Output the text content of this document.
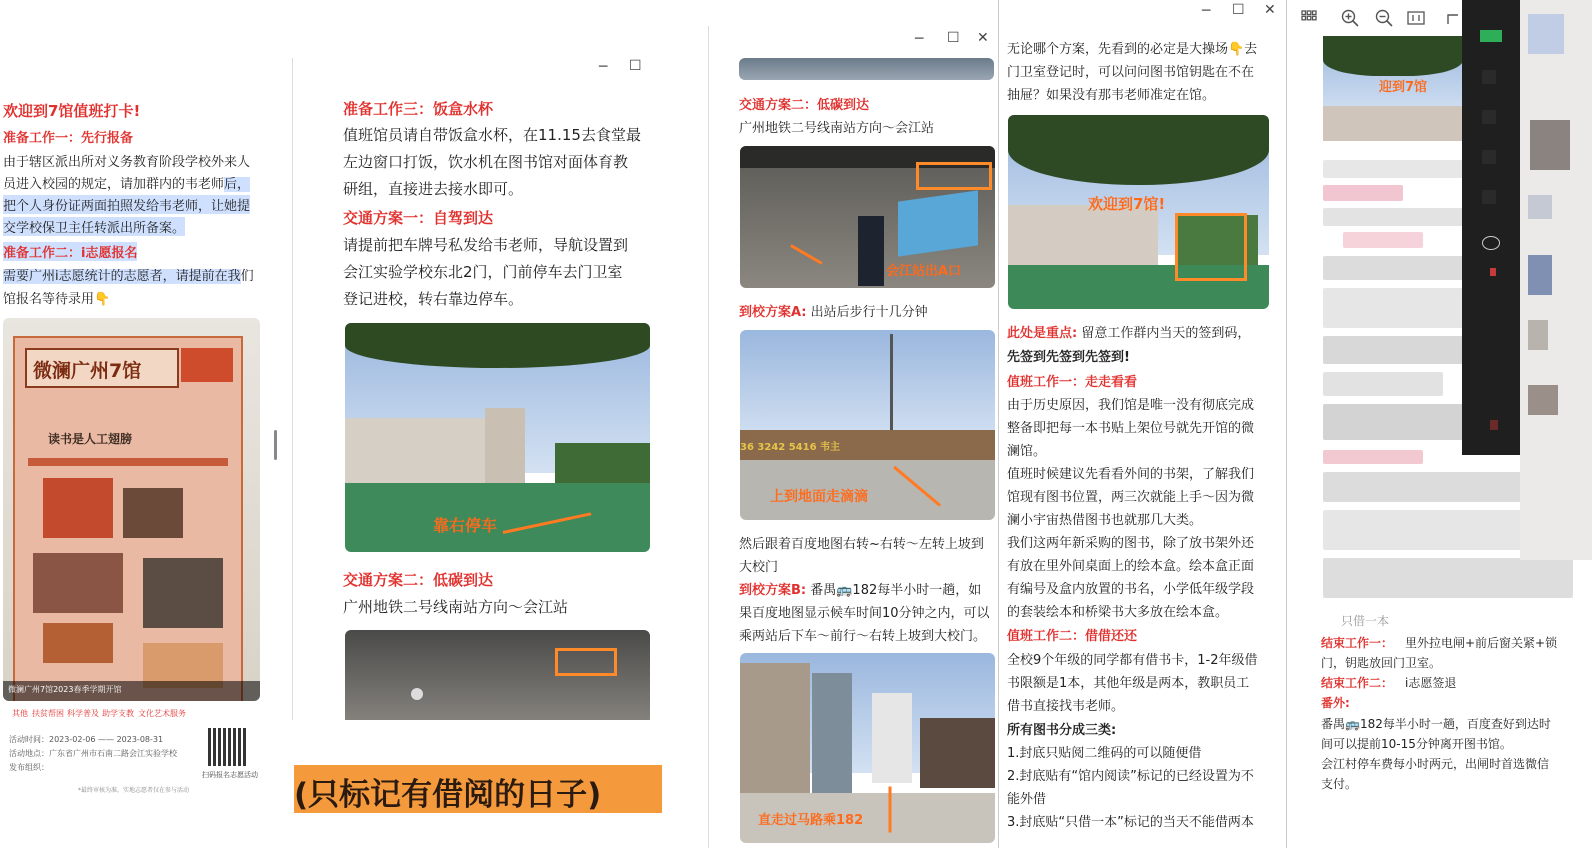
欢迎到7馆值班打卡!
准备工作一：先行报备
由于辖区派出所对义务教育阶段学校外来人
员进入校园的规定，请加群内的韦老师后，
把个人身份证两面拍照发给韦老师，让她提
交学校保卫主任转派出所备案。
准备工作二：i志愿报名
需要广州i志愿统计的志愿者，请提前在我们
馆报名等待录用👇
微澜广州7馆
读书是人工翅膀
微澜广州7馆2023春季学期开馆
其他 扶贫帮困 科学普及 助学支教 文化艺术服务
活动时间：2023-02-06 —— 2023-08-31
活动地点：广东省广州市石南二路会江实验学校
发布组织：
扫码报名志愿活动
*最终审核为准，实地志愿者仅在参与活动
─ ☐
准备工作三：饭盒水杯
值班馆员请自带饭盒水杯，在11.15去食堂最
左边窗口打饭，饮水机在图书馆对面体育教
研组，直接进去接水即可。
交通方案一：自驾到达
请提前把车牌号私发给韦老师，导航设置到
会江实验学校东北2门，门前停车去门卫室
登记进校，转右靠边停车。
靠右停车
交通方案二：低碳到达
广州地铁二号线南站方向～会江站
(只标记有借阅的日子)
─ ☐ ✕
交通方案二：低碳到达
广州地铁二号线南站方向～会江站
会江站出A口
到校方案A: 出站后步行十几分钟
36 3242 5416 韦主
上到地面走滴滴
然后跟着百度地图右转~右转～左转上坡到
大校门
到校方案B: 番禺🚌182每半小时一趟，如
果百度地图显示候车时间10分钟之内，可以
乘两站后下车～前行～右转上坡到大校门。
直走过马路乘182
─ ☐ ✕
无论哪个方案，先看到的必定是大操场👇去
门卫室登记时，可以问问图书馆钥匙在不在
抽屉？如果没有那韦老师准定在馆。
欢迎到7馆!
此处是重点: 留意工作群内当天的签到码，
先签到先签到先签到!
值班工作一：走走看看
由于历史原因，我们馆是唯一没有彻底完成
整备即把每一本书贴上架位号就先开馆的微
澜馆。
值班时候建议先看看外间的书架，了解我们
馆现有图书位置，两三次就能上手～因为微
澜小宇宙热借图书也就那几大类。
我们这两年新采购的图书，除了放书架外还
有放在里外间桌面上的绘本盒。绘本盒正面
有编号及盒内放置的书名，小学低年级学段
的套装绘本和桥梁书大多放在绘本盒。
值班工作二：借借还还
全校9个年级的同学都有借书卡，1-2年级借
书限额是1本，其他年级是两本，教职员工
借书直接找韦老师。
所有图书分成三类:
1.封底只贴阅二维码的可以随便借
2.封底贴有“馆内阅读”标记的已经设置为不
能外借
3.封底贴“只借一本”标记的当天不能借两本
迎到7馆
只借一本
结束工作一： 里外拉电闸+前后窗关紧+锁
门，钥匙放回门卫室。
结束工作二： i志愿签退
番外:
番禺🚌182每半小时一趟，百度查好到达时
间可以提前10-15分钟离开图书馆。
会江村停车费每小时两元，出闸时首选微信
支付。
